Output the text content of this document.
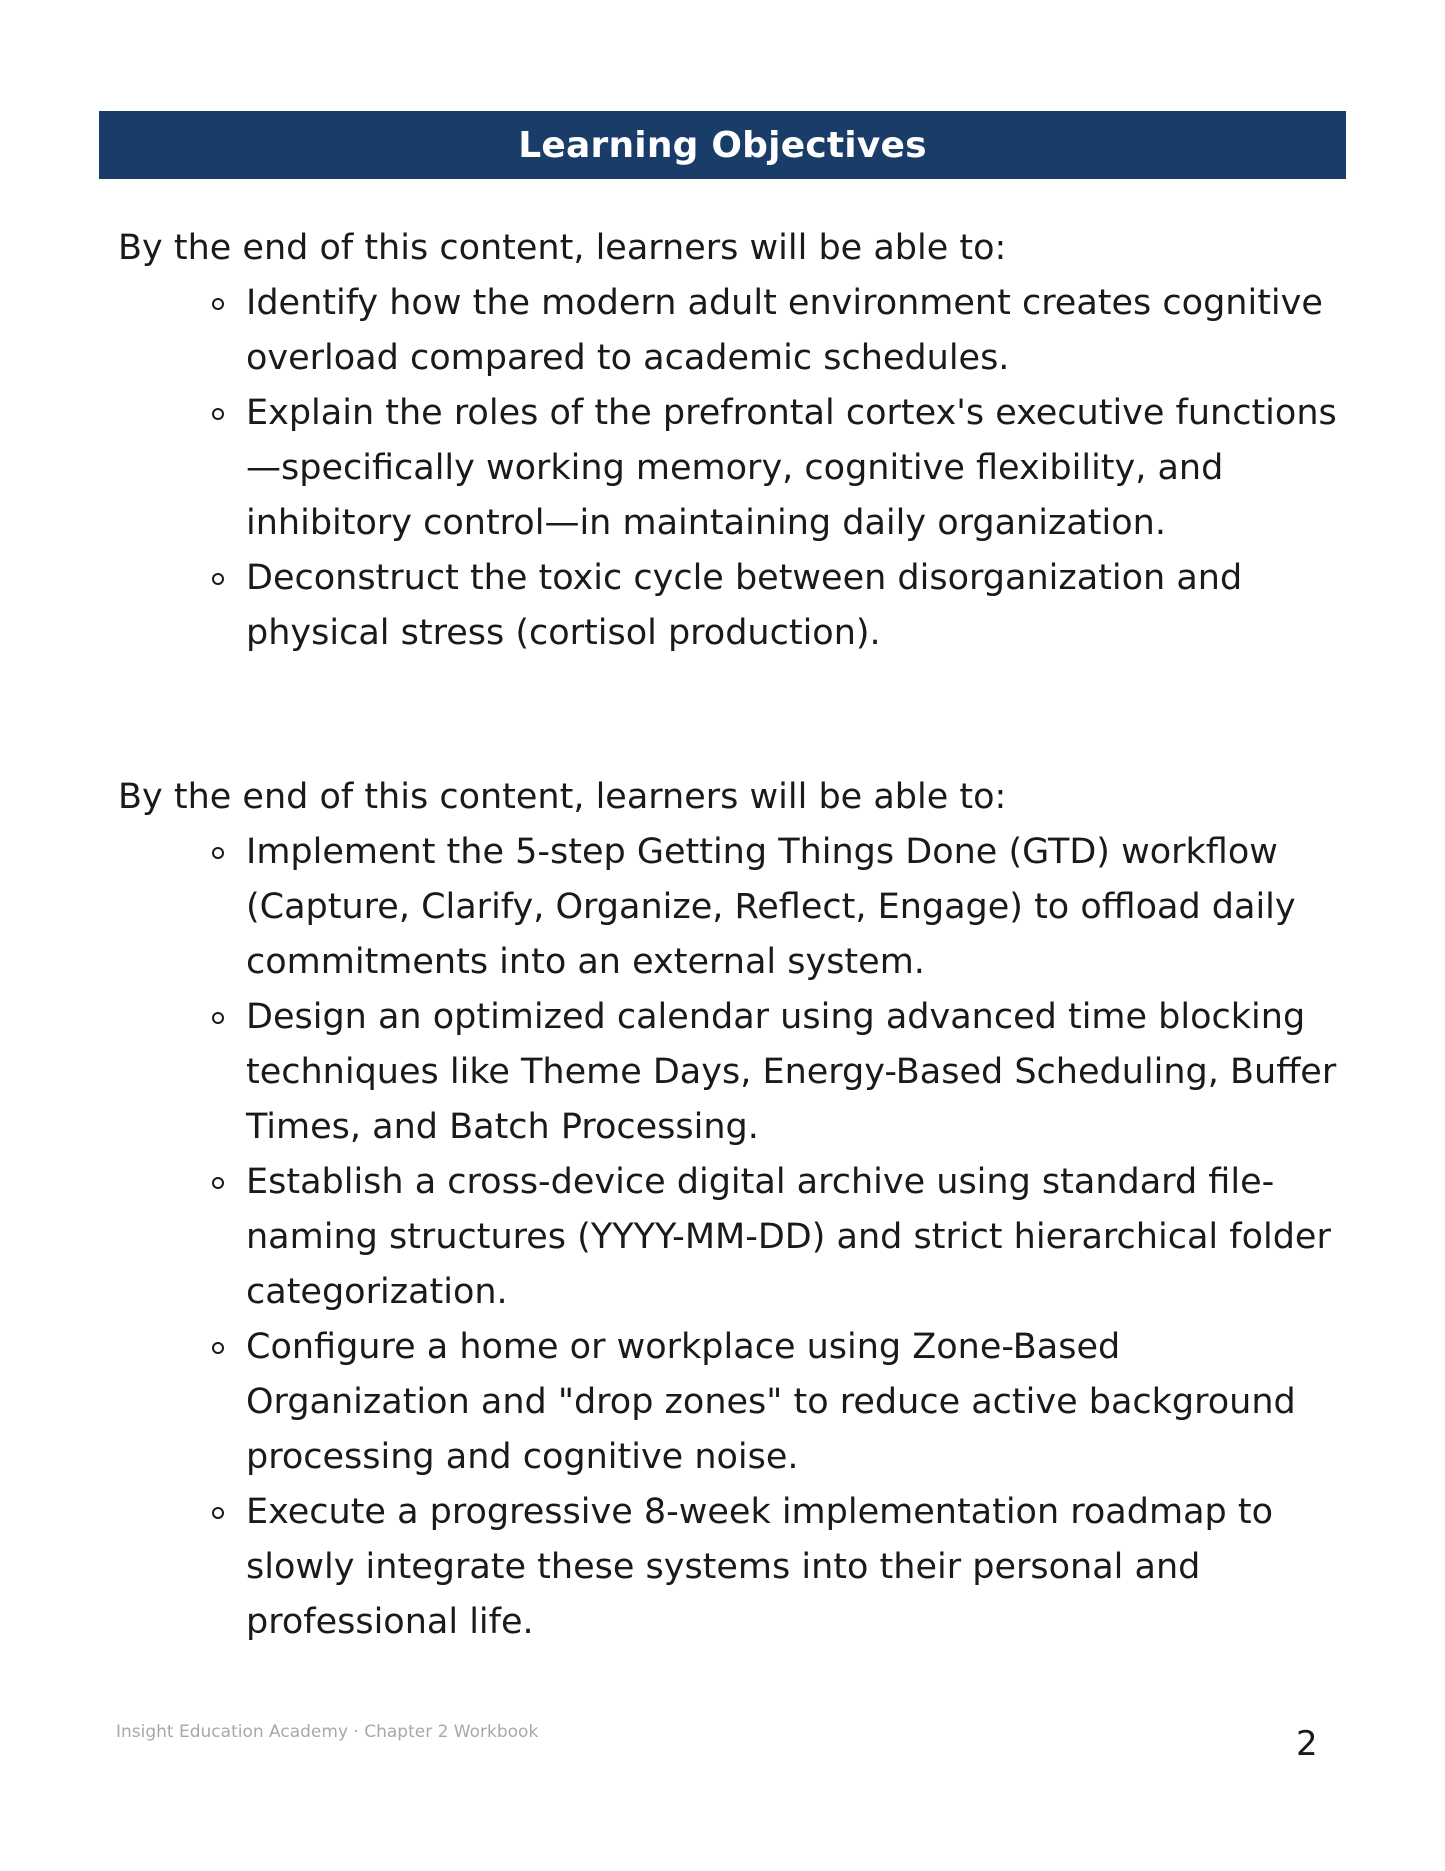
Learning Objectives

By the end of this content, learners will be able to:

Identify how the modern adult environment creates cognitive overload compared to academic schedules.
Explain the roles of the prefrontal cortex's executive functions—specifically working memory, cognitive flexibility, and inhibitory control—in maintaining daily organization.
Deconstruct the toxic cycle between disorganization and physical stress (cortisol production).

By the end of this content, learners will be able to:

Implement the 5-step Getting Things Done (GTD) workflow (Capture, Clarify, Organize, Reflect, Engage) to offload daily commitments into an external system.
Design an optimized calendar using advanced time blocking techniques like Theme Days, Energy-Based Scheduling, Buffer Times, and Batch Processing.
Establish a cross-device digital archive using standard file-naming structures (YYYY-MM-DD) and strict hierarchical folder categorization.
Configure a home or workplace using Zone-Based Organization and "drop zones" to reduce active background processing and cognitive noise.
Execute a progressive 8-week implementation roadmap to slowly integrate these systems into their personal and professional life.
Insight Education Academy · Chapter 2 Workbook	2
